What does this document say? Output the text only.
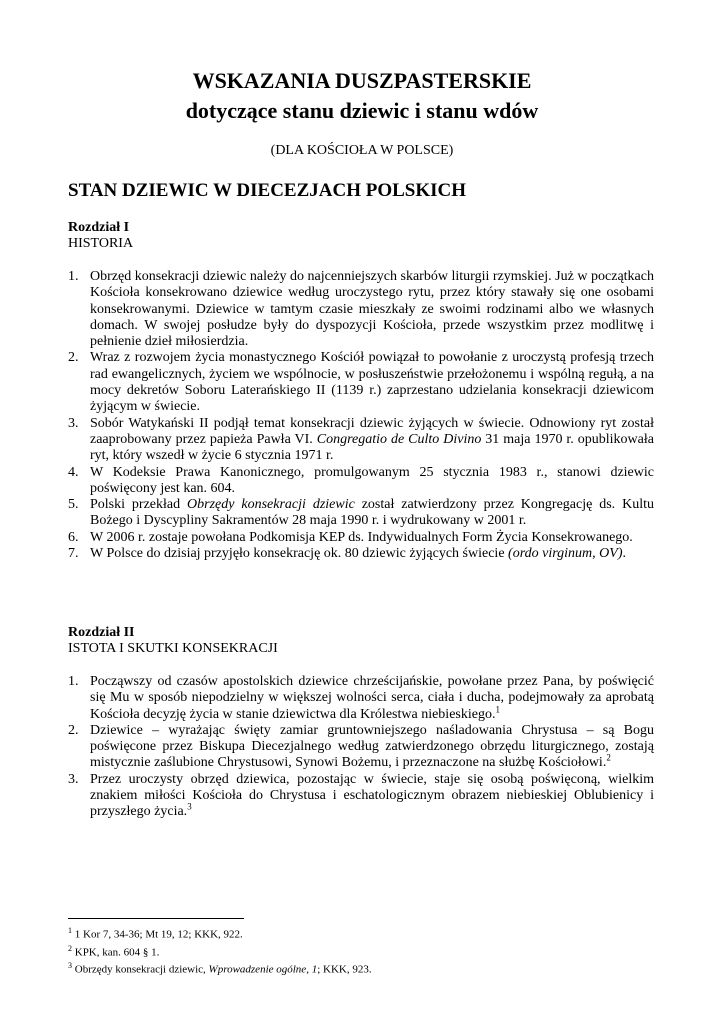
WSKAZANIA DUSZPASTERSKIE
dotyczące stanu dziewic i stanu wdów
(DLA KOŚCIOŁA W POLSCE)
STAN DZIEWIC W DIECEZJACH POLSKICH
Rozdział I
HISTORIA
1. Obrzęd konsekracji dziewic należy do najcenniejszych skarbów liturgii rzymskiej. Już w początkach Kościoła konsekrowano dziewice według uroczystego rytu, przez który stawały się one osobami konsekrowanymi. Dziewice w tamtym czasie mieszkały ze swoimi rodzinami albo we własnych domach. W swojej posłudze były do dyspozycji Kościoła, przede wszystkim przez modlitwę i pełnienie dzieł miłosierdzia.
2. Wraz z rozwojem życia monastycznego Kościół powiązał to powołanie z uroczystą profesją trzech rad ewangelicznych, życiem we wspólnocie, w posłuszeństwie przełożonemu i wspólną regułą, a na mocy dekretów Soboru Laterańskiego II (1139 r.) zaprzestano udzielania konsekracji dziewicom żyjącym w świecie.
3. Sobór Watykański II podjął temat konsekracji dziewic żyjących w świecie. Odnowiony ryt został zaaprobowany przez papieża Pawła VI. Congregatio de Culto Divino 31 maja 1970 r. opublikowała ryt, który wszedł w życie 6 stycznia 1971 r.
4. W Kodeksie Prawa Kanonicznego, promulgowanym 25 stycznia 1983 r., stanowi dziewic poświęcony jest kan. 604.
5. Polski przekład Obrzędy konsekracji dziewic został zatwierdzony przez Kongregację ds. Kultu Bożego i Dyscypliny Sakramentów 28 maja 1990 r. i wydrukowany w 2001 r.
6. W 2006 r. zostaje powołana Podkomisja KEP ds. Indywidualnych Form Życia Konsekrowanego.
7. W Polsce do dzisiaj przyjęło konsekrację ok. 80 dziewic żyjących świecie (ordo virginum, OV).
Rozdział II
ISTOTA I SKUTKI KONSEKRACJI
1. Począwszy od czasów apostolskich dziewice chrześcijańskie, powołane przez Pana, by poświęcić się Mu w sposób niepodzielny w większej wolności serca, ciała i ducha, podejmowały za aprobatą Kościoła decyzję życia w stanie dziewictwa dla Królestwa niebieskiego.$^1$
2. Dziewice – wyrażając święty zamiar gruntowniejszego naśladowania Chrystusa – są Bogu poświęcone przez Biskupa Diecezjalnego według zatwierdzonego obrzędu liturgicznego, zostają mistycznie zaślubione Chrystusowi, Synowi Bożemu, i przeznaczone na służbę Kościołowi.$^2$
3. Przez uroczysty obrzęd dziewica, pozostając w świecie, staje się osobą poświęconą, wielkim znakiem miłości Kościoła do Chrystusa i eschatologicznym obrazem niebieskiej Oblubienicy i przyszłego życia.$^3$
$^1$ 1 Kor 7, 34-36; Mt 19, 12; KKK, 922.
$^2$ KPK, kan. 604 § 1.
$^3$ Obrzędy konsekracji dziewic, Wprowadzenie ogólne, 1; KKK, 923.
